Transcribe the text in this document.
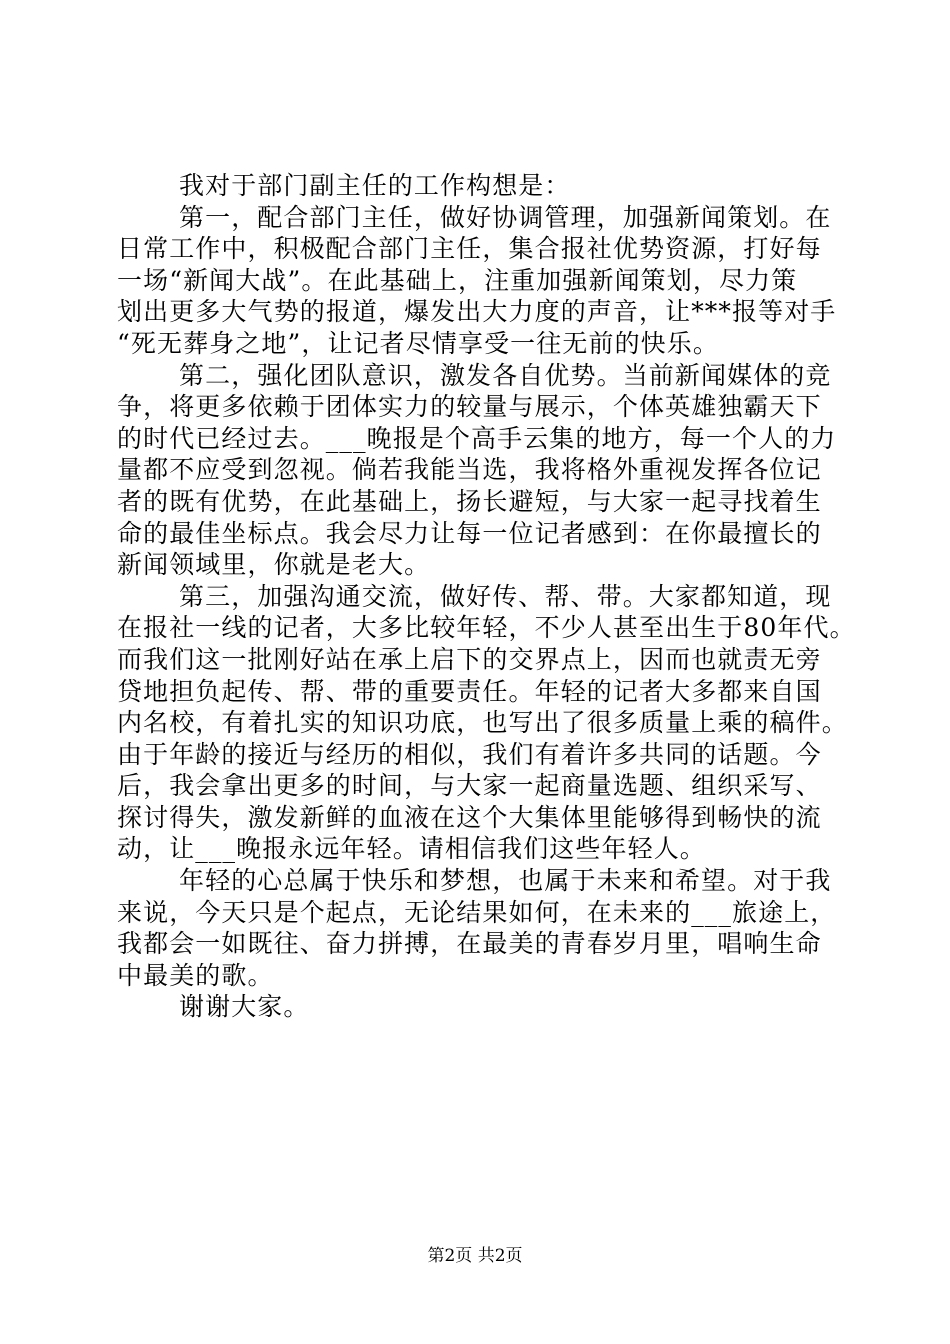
我对于部门副主任的工作构想是：
第一，配合部门主任，做好协调管理，加强新闻策划。在
日常工作中，积极配合部门主任，集合报社优势资源，打好每
一场“新闻大战”。在此基础上，注重加强新闻策划，尽力策
划出更多大气势的报道，爆发出大力度的声音，让***报等对手
“死无葬身之地”，让记者尽情享受一往无前的快乐。
第二，强化团队意识，激发各自优势。当前新闻媒体的竞
争，将更多依赖于团体实力的较量与展示，个体英雄独霸天下
的时代已经过去。___晚报是个高手云集的地方，每一个人的力
量都不应受到忽视。倘若我能当选，我将格外重视发挥各位记
者的既有优势，在此基础上，扬长避短，与大家一起寻找着生
命的最佳坐标点。我会尽力让每一位记者感到：在你最擅长的
新闻领域里，你就是老大。
第三，加强沟通交流，做好传、帮、带。大家都知道，现
在报社一线的记者，大多比较年轻，不少人甚至出生于80年代。
而我们这一批刚好站在承上启下的交界点上，因而也就责无旁
贷地担负起传、帮、带的重要责任。年轻的记者大多都来自国
内名校，有着扎实的知识功底，也写出了很多质量上乘的稿件。
由于年龄的接近与经历的相似，我们有着许多共同的话题。今
后，我会拿出更多的时间，与大家一起商量选题、组织采写、
探讨得失，激发新鲜的血液在这个大集体里能够得到畅快的流
动，让___晚报永远年轻。请相信我们这些年轻人。
年轻的心总属于快乐和梦想，也属于未来和希望。对于我
来说，今天只是个起点，无论结果如何，在未来的___旅途上，
我都会一如既往、奋力拼搏，在最美的青春岁月里，唱响生命
中最美的歌。
谢谢大家。
第2页 共2页
